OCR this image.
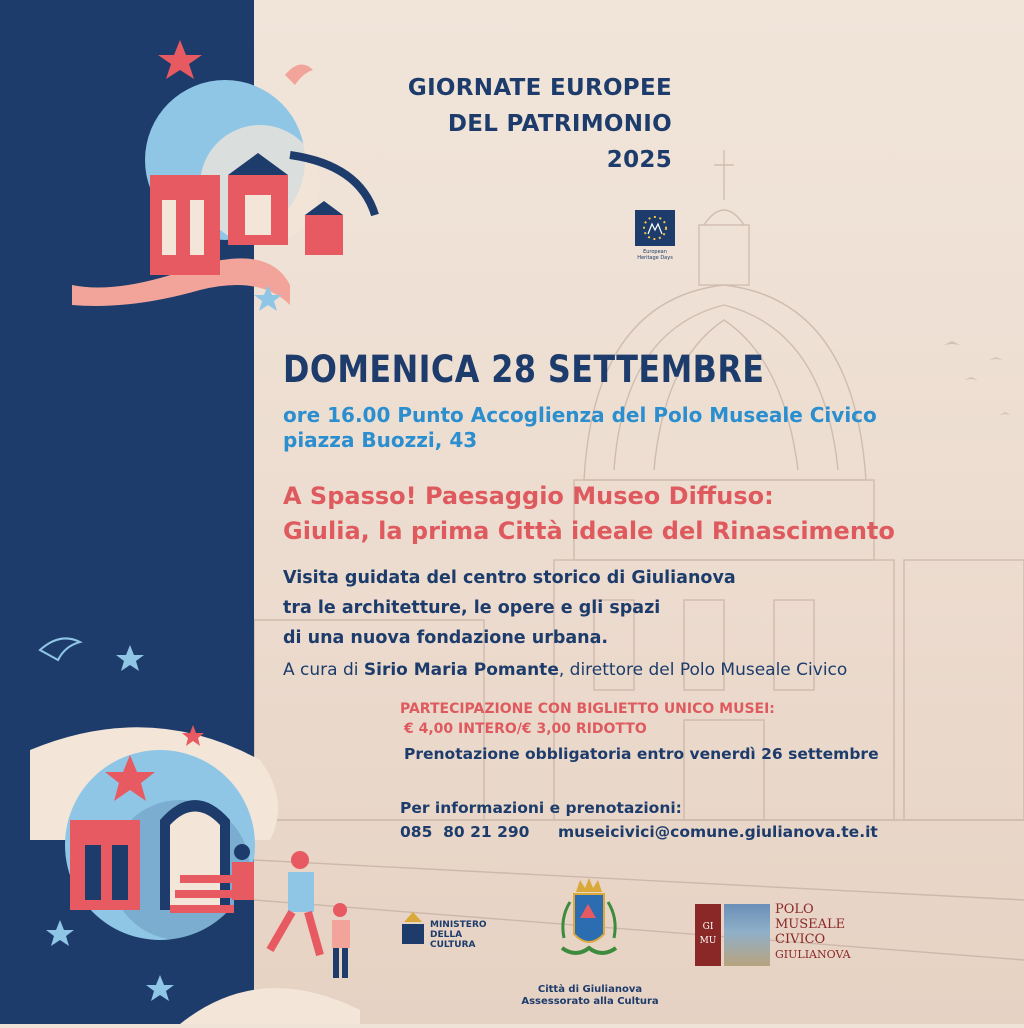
GIORNATE EUROPEE
DEL PATRIMONIO
2025
European Heritage Days
DOMENICA 28 SETTEMBRE
ore 16.00 Punto Accoglienza del Polo Museale Civico
piazza Buozzi, 43
A Spasso! Paesaggio Museo Diffuso:
Giulia, la prima Città ideale del Rinascimento
Visita guidata del centro storico di Giulianova
tra le architetture, le opere e gli spazi
di una nuova fondazione urbana.
A cura di Sirio Maria Pomante, direttore del Polo Museale Civico
PARTECIPAZIONE CON BIGLIETTO UNICO MUSEI:
€ 4,00 INTERO/€ 3,00 RIDOTTO
Prenotazione obbligatoria entro venerdì 26 settembre
Per informazioni e prenotazioni:
085  80 21 290 museicivici@comune.giulianova.te.it
MINISTERO
DELLA
CULTURA
Città di Giulianova
Assessorato alla Cultura
GI
MU
POLO
MUSEALE
CIVICO
GIULIANOVA
